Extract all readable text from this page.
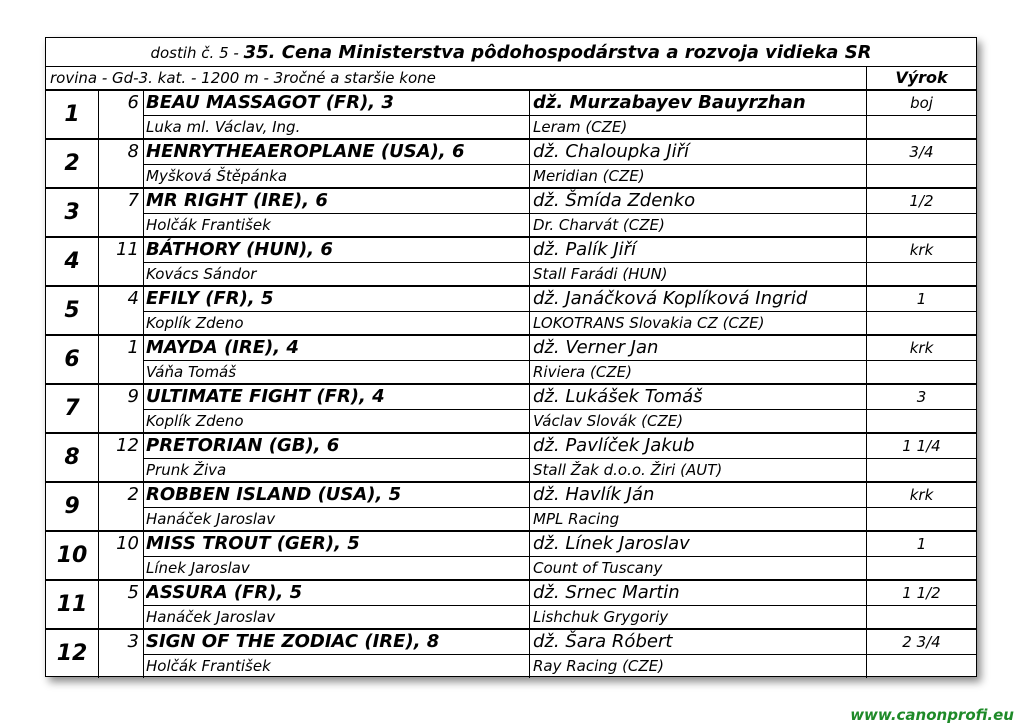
dostih č. 5 - 35. Cena Ministerstva pôdohospodárstva a rozvoja vidieka SR
rovina - Gd-3. kat. - 1200 m - 3ročné a staršie kone	Výrok
1	6 BEAU MASSAGOT (FR), 3	dž. Murzabayev Bauyrzhan	boj
Luka ml. Václav, Ing.	Leram (CZE)
2	8 HENRYTHEAEROPLANE (USA), 6	dž. Chaloupka Jiří	3/4
Myšková Štěpánka	Meridian (CZE)
3	7 MR RIGHT (IRE), 6	dž. Šmída Zdenko	1/2
Holčák František	Dr. Charvát (CZE)
4	11 BÁTHORY (HUN), 6	dž. Palík Jiří	krk
Kovács Sándor	Stall Farádi (HUN)
5	4 EFILY (FR), 5	dž. Janáčková Koplíková Ingrid	1
Koplík Zdeno	LOKOTRANS Slovakia CZ (CZE)
6	1 MAYDA (IRE), 4	dž. Verner Jan	krk
Váňa Tomáš	Riviera (CZE)
7	9 ULTIMATE FIGHT (FR), 4	dž. Lukášek Tomáš	3
Koplík Zdeno	Václav Slovák (CZE)
8	12 PRETORIAN (GB), 6	dž. Pavlíček Jakub	1 1/4
Prunk Živa	Stall Žak d.o.o. Žiri (AUT)
9	2 ROBBEN ISLAND (USA), 5	dž. Havlík Ján	krk
Hanáček Jaroslav	MPL Racing
10	10 MISS TROUT (GER), 5	dž. Línek Jaroslav	1
Línek Jaroslav	Count of Tuscany
11	5 ASSURA (FR), 5	dž. Srnec Martin	1 1/2
Hanáček Jaroslav	Lishchuk Grygoriy
12	3 SIGN OF THE ZODIAC (IRE), 8	dž. Šara Róbert	2 3/4
Holčák František	Ray Racing (CZE)
www.canonprofi.eu
